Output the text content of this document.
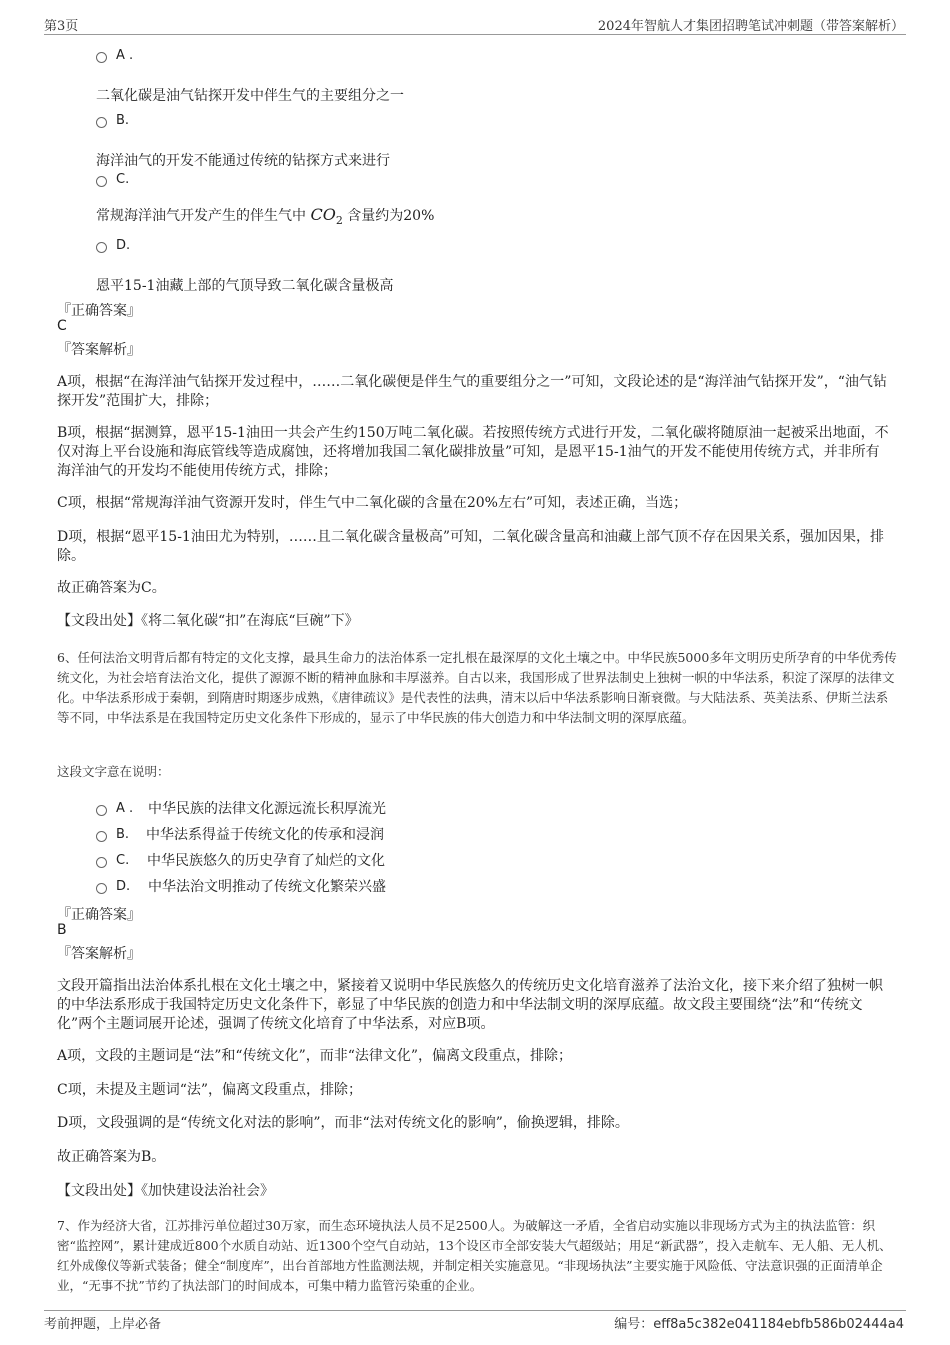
第3页	2024年智航人才集团招聘笔试冲刺题（带答案解析）
A .
二氧化碳是油气钻探开发中伴生气的主要组分之一
B.
海洋油气的开发不能通过传统的钻探方式来进行
C.
常规海洋油气开发产生的伴生气中 $CO_2$ 含量约为20%
D.
恩平15-1油藏上部的气顶导致二氧化碳含量极高
『正确答案』
C
『答案解析』
A项，根据“在海洋油气钻探开发过程中，……二氧化碳便是伴生气的重要组分之一”可知，文段论述的是“海洋油气钻探开发”，“油气钻探开发”范围扩大，排除；
B项，根据“据测算，恩平15-1油田一共会产生约150万吨二氧化碳。若按照传统方式进行开发，二氧化碳将随原油一起被采出地面，不仅对海上平台设施和海底管线等造成腐蚀，还将增加我国二氧化碳排放量”可知，是恩平15-1油气的开发不能使用传统方式，并非所有海洋油气的开发均不能使用传统方式，排除；
C项，根据“常规海洋油气资源开发时，伴生气中二氧化碳的含量在20%左右”可知，表述正确，当选；
D项，根据“恩平15-1油田尤为特别，……且二氧化碳含量极高”可知，二氧化碳含量高和油藏上部气顶不存在因果关系，强加因果，排除。
故正确答案为C。
【文段出处】《将二氧化碳“扣”在海底“巨碗”下》
6、任何法治文明背后都有特定的文化支撑，最具生命力的法治体系一定扎根在最深厚的文化土壤之中。中华民族5000多年文明历史所孕育的中华优秀传统文化，为社会培育法治文化，提供了源源不断的精神血脉和丰厚滋养。自古以来，我国形成了世界法制史上独树一帜的中华法系，积淀了深厚的法律文化。中华法系形成于秦朝，到隋唐时期逐步成熟，《唐律疏议》是代表性的法典，清末以后中华法系影响日渐衰微。与大陆法系、英美法系、伊斯兰法系等不同，中华法系是在我国特定历史文化条件下形成的，显示了中华民族的伟大创造力和中华法制文明的深厚底蕴。
这段文字意在说明：
A .	中华民族的法律文化源远流长积厚流光
B.	中华法系得益于传统文化的传承和浸润
C.	中华民族悠久的历史孕育了灿烂的文化
D.	中华法治文明推动了传统文化繁荣兴盛
『正确答案』
B
『答案解析』
文段开篇指出法治体系扎根在文化土壤之中，紧接着又说明中华民族悠久的传统历史文化培育滋养了法治文化，接下来介绍了独树一帜的中华法系形成于我国特定历史文化条件下，彰显了中华民族的创造力和中华法制文明的深厚底蕴。故文段主要围绕“法”和“传统文化”两个主题词展开论述，强调了传统文化培育了中华法系，对应B项。
A项，文段的主题词是“法”和“传统文化”，而非“法律文化”，偏离文段重点，排除；
C项，未提及主题词“法”，偏离文段重点，排除；
D项，文段强调的是“传统文化对法的影响”，而非“法对传统文化的影响”，偷换逻辑，排除。
故正确答案为B。
【文段出处】《加快建设法治社会》
7、作为经济大省，江苏排污单位超过30万家，而生态环境执法人员不足2500人。为破解这一矛盾，全省启动实施以非现场方式为主的执法监管：织密“监控网”，累计建成近800个水质自动站、近1300个空气自动站，13个设区市全部安装大气超级站；用足“新武器”，投入走航车、无人船、无人机、红外成像仪等新式装备；健全“制度库”，出台首部地方性监测法规，并制定相关实施意见。“非现场执法”主要实施于风险低、守法意识强的正面清单企业，“无事不扰”节约了执法部门的时间成本，可集中精力监管污染重的企业。
考前押题，上岸必备	编号：eff8a5c382e041184ebfb586b02444a4
